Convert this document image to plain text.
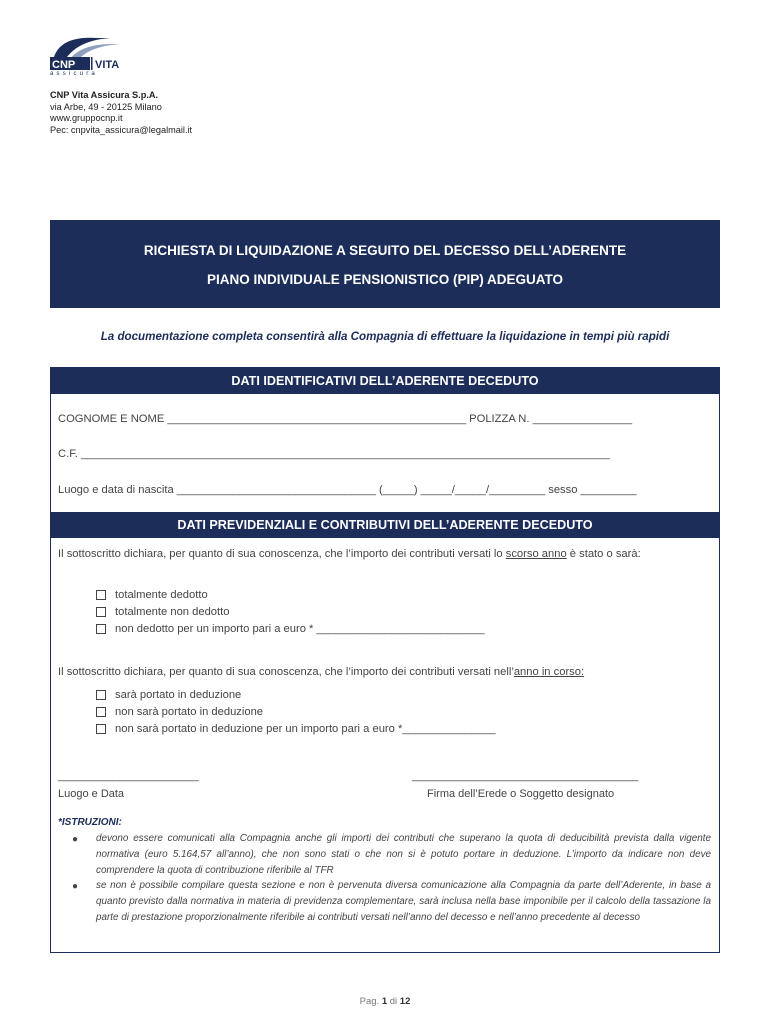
CNP VITA
assicura
CNP Vita Assicura S.p.A.
via Arbe, 49 - 20125 Milano
www.gruppocnp.it
Pec: cnpvita_assicura@legalmail.it
RICHIESTA DI LIQUIDAZIONE A SEGUITO DEL DECESSO DELL’ADERENTE
PIANO INDIVIDUALE PENSIONISTICO (PIP) ADEGUATO
La documentazione completa consentirà alla Compagnia di effettuare la liquidazione in tempi più rapidi
DATI IDENTIFICATIVI DELL’ADERENTE DECEDUTO
COGNOME E NOME ________________________________________________ POLIZZA N. ________________
C.F. _____________________________________________________________________________________
Luogo e data di nascita ________________________________ (_____) _____/_____/_________ sesso _________
DATI PREVIDENZIALI E CONTRIBUTIVI DELL’ADERENTE DECEDUTO
Il sottoscritto dichiara, per quanto di sua conoscenza, che l’importo dei contributi versati lo scorso anno è stato o sarà:
totalmente dedotto
totalmente non dedotto
non dedotto per un importo pari a euro * ___________________________
Il sottoscritto dichiara, per quanto di sua conoscenza, che l’importo dei contributi versati nell’anno in corso:
sarà portato in deduzione
non sarà portato in deduzione
non sarà portato in deduzione per un importo pari a euro *_______________
_______________________
Luogo e Data
_____________________________________
Firma dell’Erede o Soggetto designato
*ISTRUZIONI:
● devono essere comunicati alla Compagnia anche gli importi dei contributi che superano la quota di deducibilità prevista dalla vigente normativa (euro 5.164,57 all’anno), che non sono stati o che non si è potuto portare in deduzione. L’importo da indicare non deve comprendere la quota di contribuzione riferibile al TFR
● se non è possibile compilare questa sezione e non è pervenuta diversa comunicazione alla Compagnia da parte dell’Aderente, in base a quanto previsto dalla normativa in materia di previdenza complementare, sarà inclusa nella base imponibile per il calcolo della tassazione la parte di prestazione proporzionalmente riferibile ai contributi versati nell’anno del decesso e nell’anno precedente al decesso
Pag. 1 di 12
